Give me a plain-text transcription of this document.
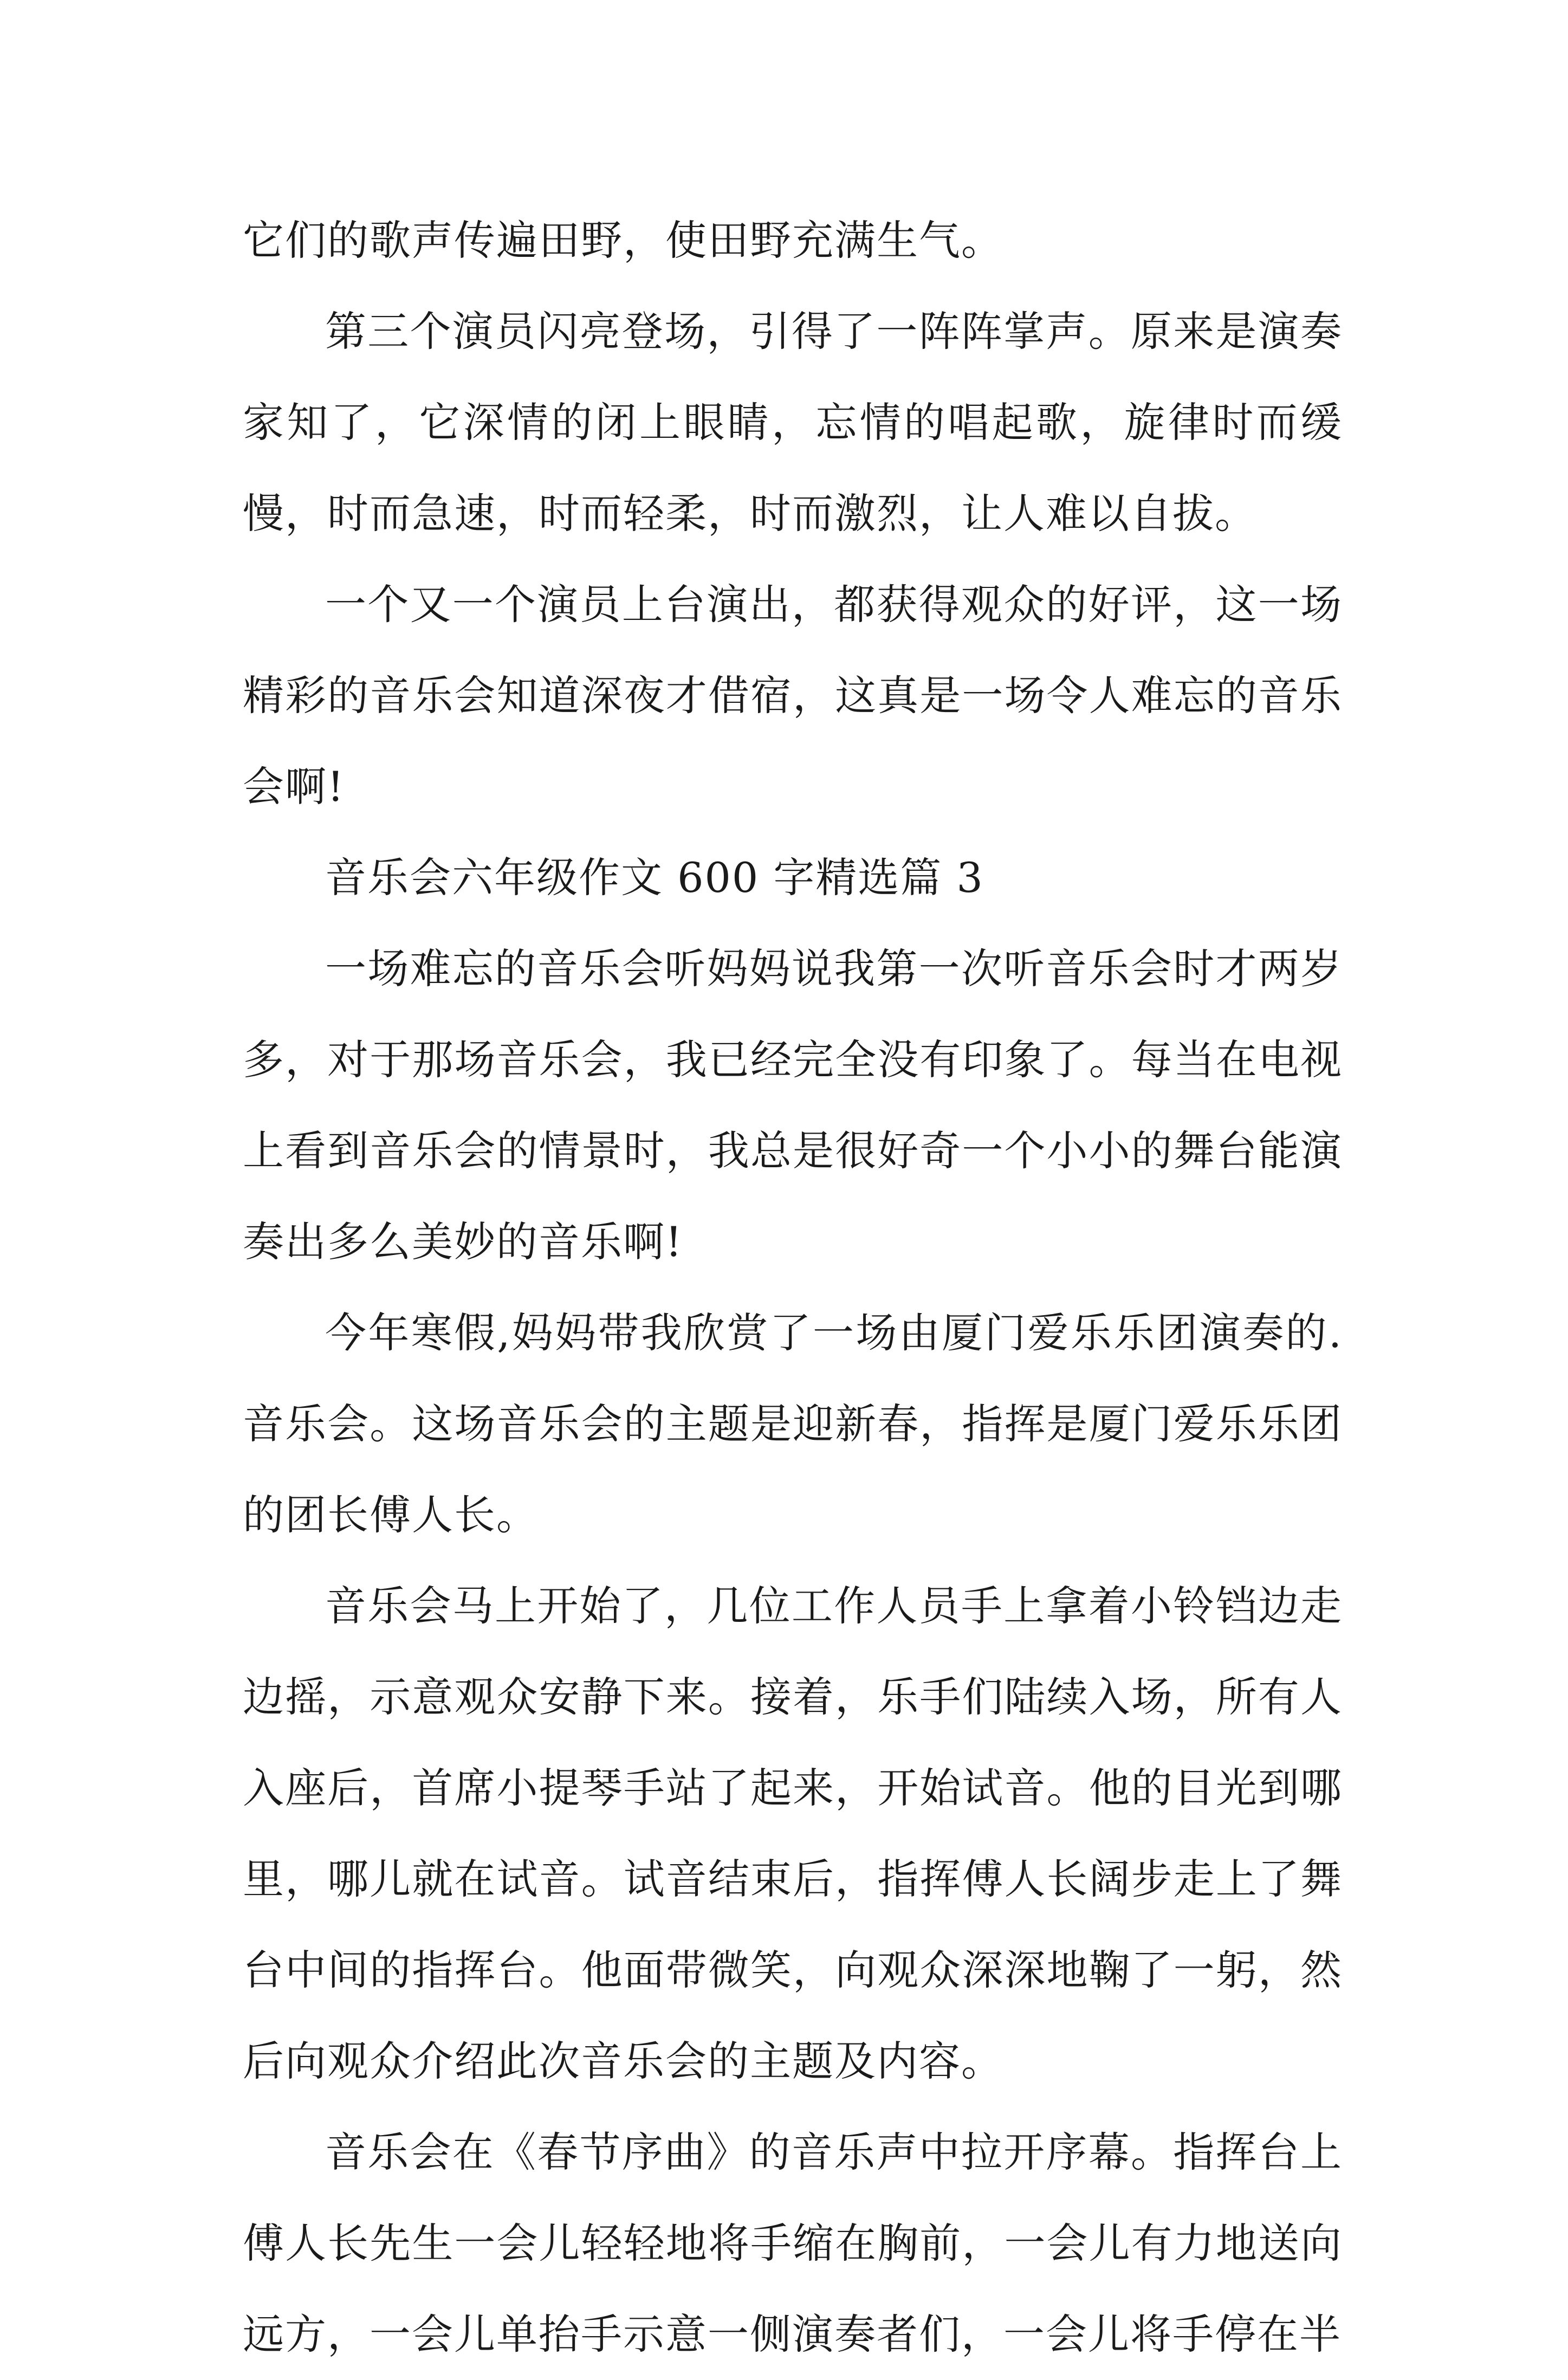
它们的歌声传遍田野，使田野充满生气。

第三个演员闪亮登场，引得了一阵阵掌声。原来是演奏家知了，它深情的闭上眼睛，忘情的唱起歌，旋律时而缓慢，时而急速，时而轻柔，时而激烈，让人难以自拔。

一个又一个演员上台演出，都获得观众的好评，这一场精彩的音乐会知道深夜才借宿，这真是一场令人难忘的音乐会啊!

音乐会六年级作文 600 字精选篇 3

一场难忘的音乐会听妈妈说我第一次听音乐会时才两岁多，对于那场音乐会，我已经完全没有印象了。每当在电视上看到音乐会的情景时，我总是很好奇一个小小的舞台能演奏出多么美妙的音乐啊!

今年寒假,妈妈带我欣赏了一场由厦门爱乐乐团演奏的.音乐会。这场音乐会的主题是迎新春，指挥是厦门爱乐乐团的团长傅人长。

音乐会马上开始了，几位工作人员手上拿着小铃铛边走边摇，示意观众安静下来。接着，乐手们陆续入场，所有人入座后，首席小提琴手站了起来，开始试音。他的目光到哪里，哪儿就在试音。试音结束后，指挥傅人长阔步走上了舞台中间的指挥台。他面带微笑，向观众深深地鞠了一躬，然后向观众介绍此次音乐会的主题及内容。

音乐会在《春节序曲》的音乐声中拉开序幕。指挥台上傅人长先生一会儿轻轻地将手缩在胸前，一会儿有力地送向远方，一会儿单抬手示意一侧演奏者们，一会儿将手停在半
